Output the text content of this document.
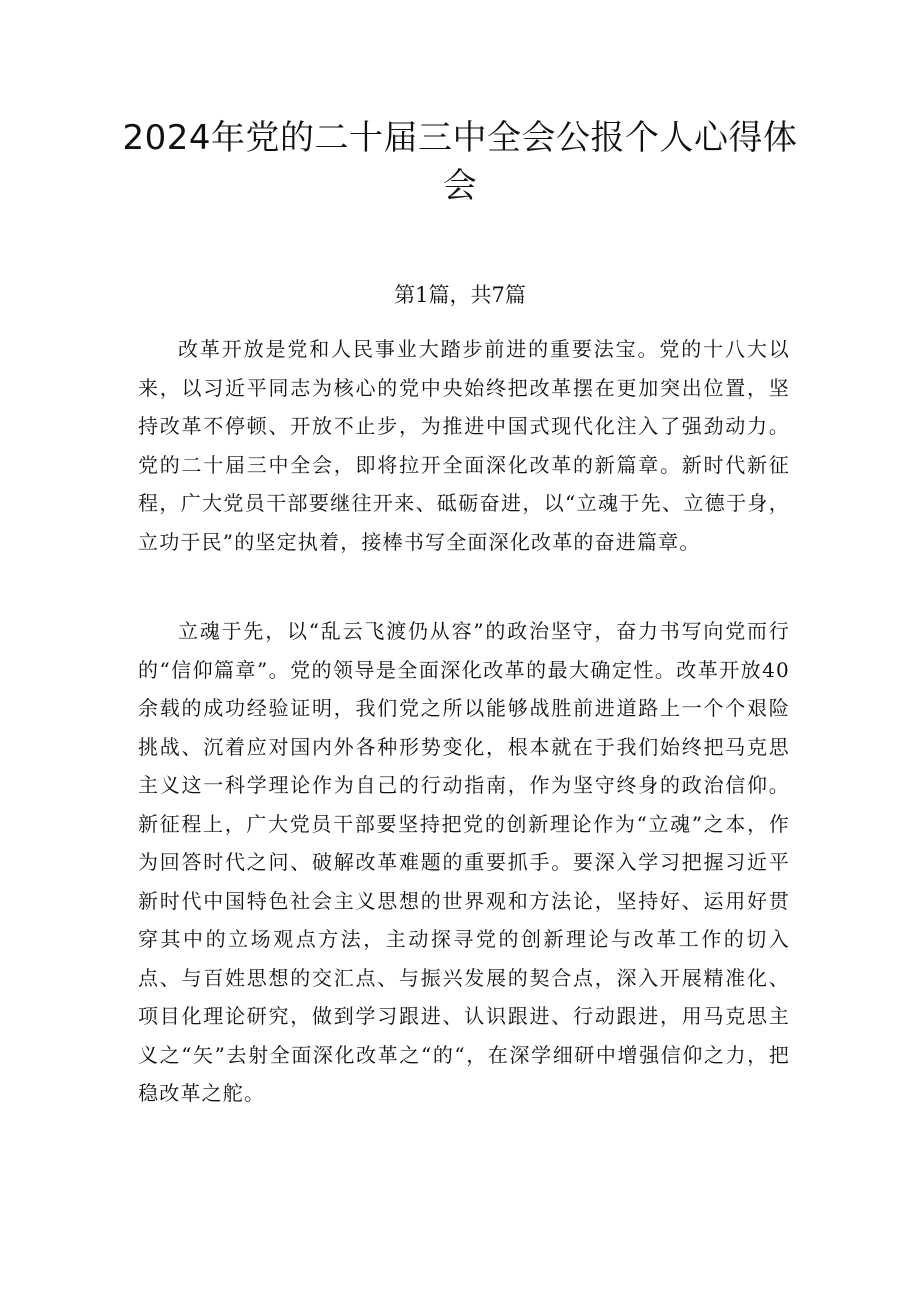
2024年党的二十届三中全会公报个人心得体会
第1篇，共7篇

改革开放是党和人民事业大踏步前进的重要法宝。党的十八大以来，以习近平同志为核心的党中央始终把改革摆在更加突出位置，坚持改革不停顿、开放不止步，为推进中国式现代化注入了强劲动力。党的二十届三中全会，即将拉开全面深化改革的新篇章。新时代新征程，广大党员干部要继往开来、砥砺奋进，以“立魂于先、立德于身，立功于民”的坚定执着，接棒书写全面深化改革的奋进篇章。

立魂于先，以“乱云飞渡仍从容”的政治坚守，奋力书写向党而行的“信仰篇章”。党的领导是全面深化改革的最大确定性。改革开放40余载的成功经验证明，我们党之所以能够战胜前进道路上一个个艰险挑战、沉着应对国内外各种形势变化，根本就在于我们始终把马克思主义这一科学理论作为自己的行动指南，作为坚守终身的政治信仰。新征程上，广大党员干部要坚持把党的创新理论作为“立魂”之本，作为回答时代之问、破解改革难题的重要抓手。要深入学习把握习近平新时代中国特色社会主义思想的世界观和方法论，坚持好、运用好贯穿其中的立场观点方法，主动探寻党的创新理论与改革工作的切入点、与百姓思想的交汇点、与振兴发展的契合点，深入开展精准化、项目化理论研究，做到学习跟进、认识跟进、行动跟进，用马克思主义之“矢”去射全面深化改革之“的“，在深学细研中增强信仰之力，把稳改革之舵。
